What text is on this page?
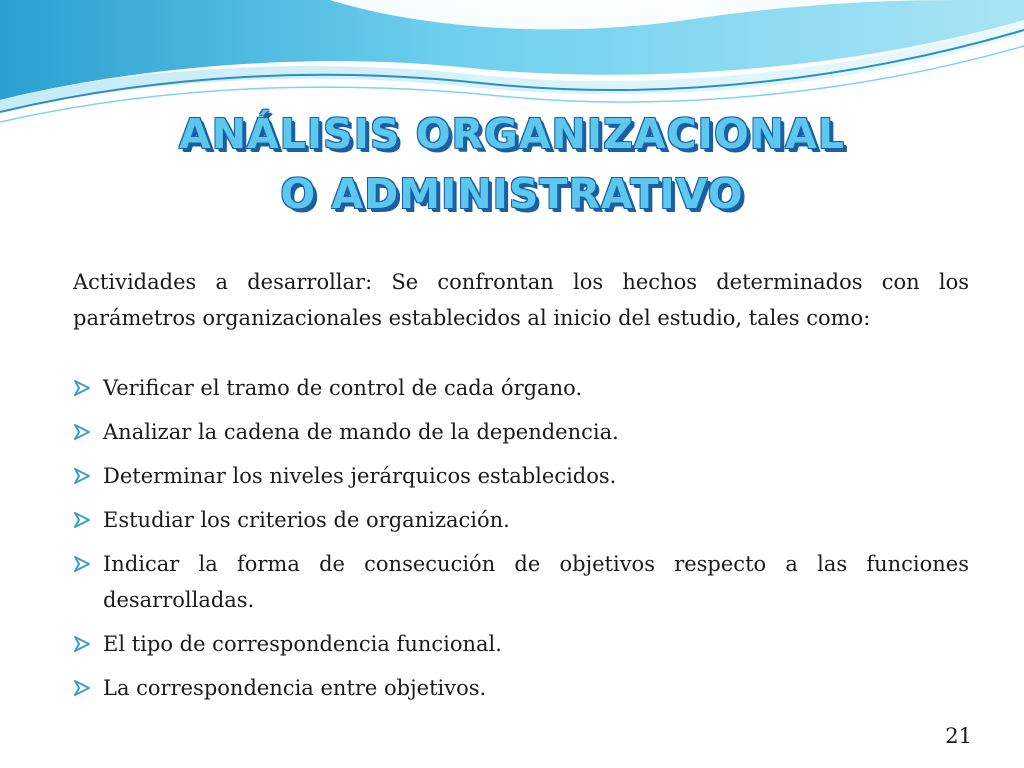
ANÁLISIS ORGANIZACIONAL
O ADMINISTRATIVO

Actividades a desarrollar: Se confrontan los hechos determinados con los parámetros organizacionales establecidos al inicio del estudio, tales como:

Verificar el tramo de control de cada órgano.
Analizar la cadena de mando de la dependencia.
Determinar los niveles jerárquicos establecidos.
Estudiar los criterios de organización.
Indicar la forma de consecución de objetivos respecto a las funciones desarrolladas.
El tipo de correspondencia funcional.
La correspondencia entre objetivos.
21
